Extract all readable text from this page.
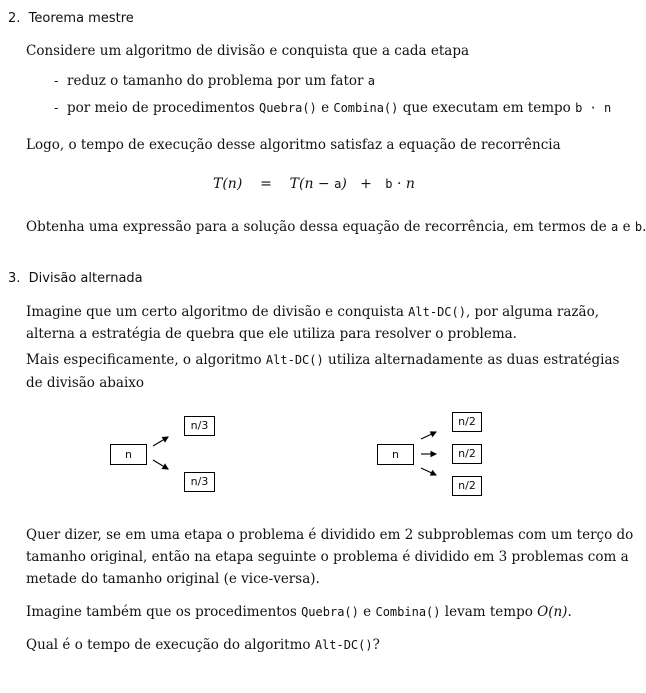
2. Teorema mestre
Considere um algoritmo de divisão e conquista que a cada etapa
- reduz o tamanho do problema por um fator a
- por meio de procedimentos Quebra() e Combina() que executam em tempo b · n
Logo, o tempo de execução desse algoritmo satisfaz a equação de recorrência
T(n) = T(n − a) + b · n
Obtenha uma expressão para a solução dessa equação de recorrência, em termos de a e b.
3. Divisão alternada
Imagine que um certo algoritmo de divisão e conquista Alt-DC(), por alguma razão,
alterna a estratégia de quebra que ele utiliza para resolver o problema.
Mais especificamente, o algoritmo Alt-DC() utiliza alternadamente as duas estratégias
de divisão abaixo
n
n/3
n/3
n
n/2
n/2
n/2
Quer dizer, se em uma etapa o problema é dividido em 2 subproblemas com um terço do
tamanho original, então na etapa seguinte o problema é dividido em 3 problemas com a
metade do tamanho original (e vice-versa).
Imagine também que os procedimentos Quebra() e Combina() levam tempo O(n).
Qual é o tempo de execução do algoritmo Alt-DC()?
